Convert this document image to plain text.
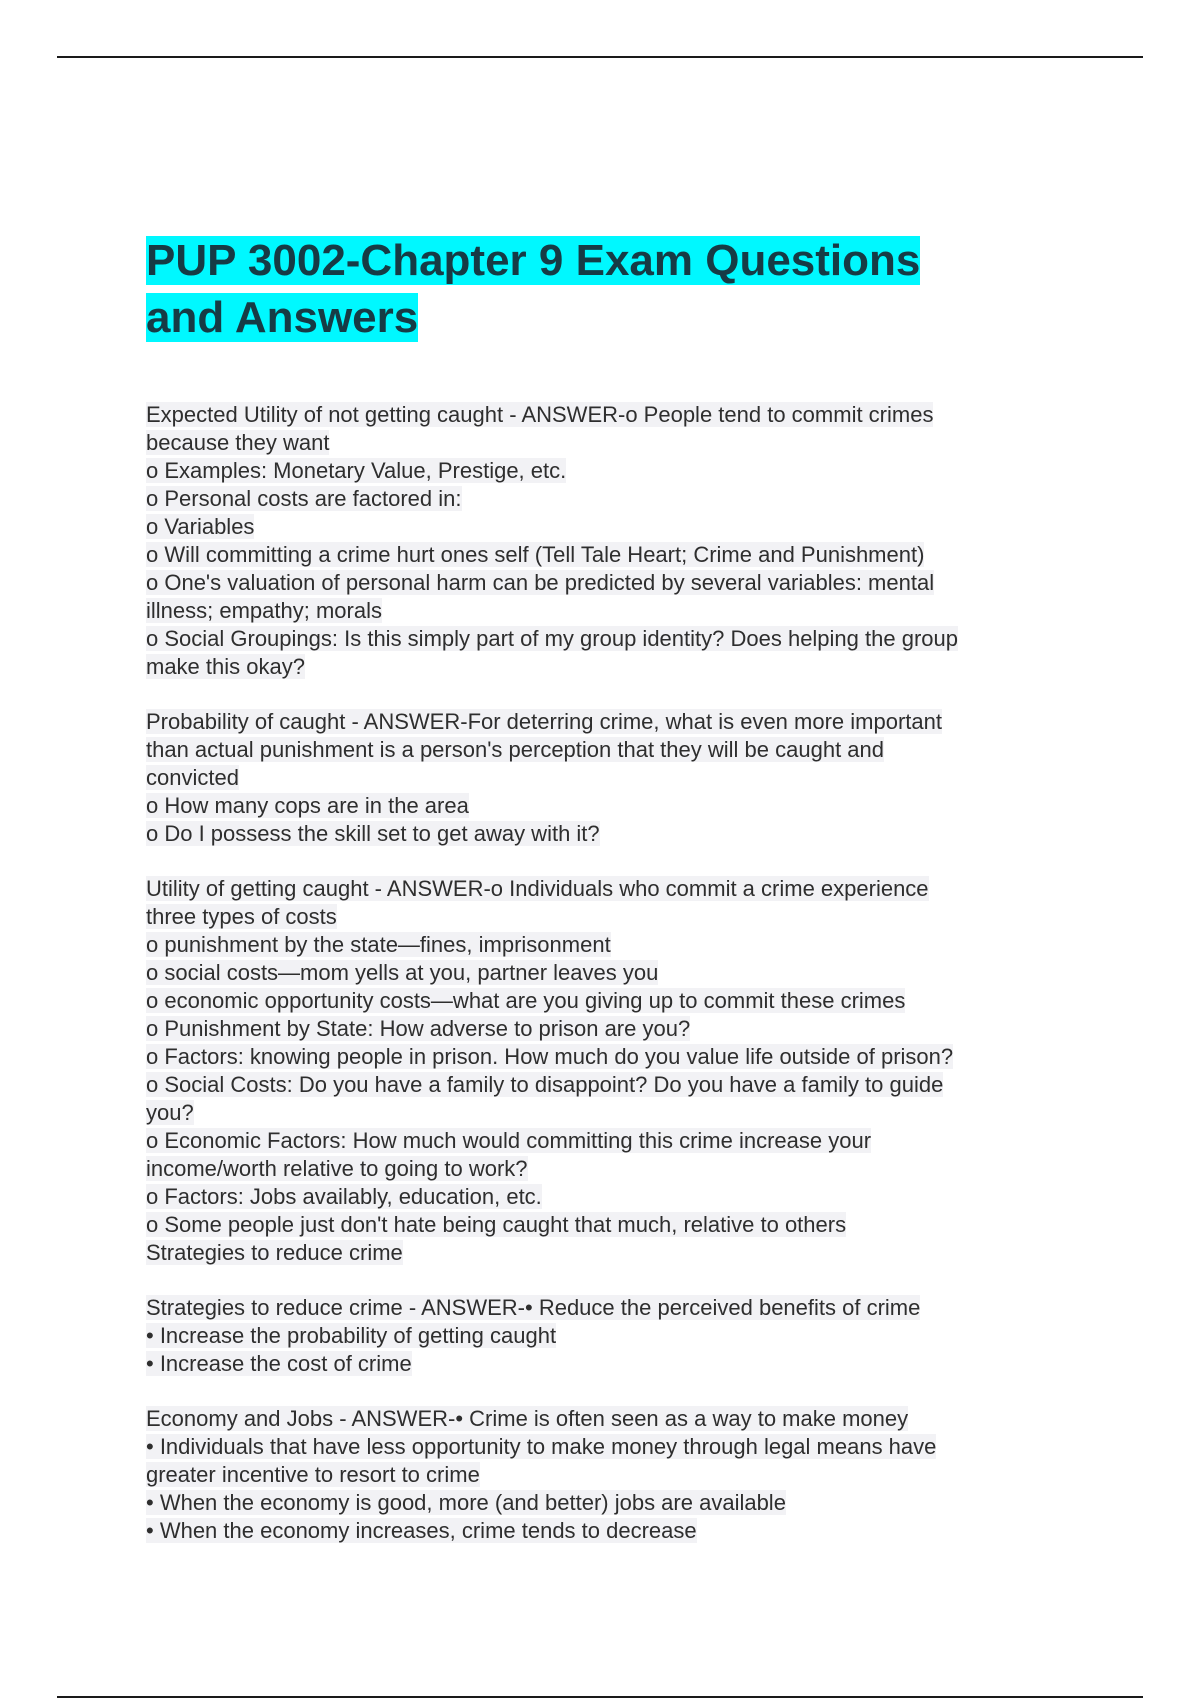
PUP 3002-Chapter 9 Exam Questions
and Answers

Expected Utility of not getting caught - ANSWER-o People tend to commit crimes

because they want

o Examples: Monetary Value, Prestige, etc.

o Personal costs are factored in:

o Variables

o Will committing a crime hurt ones self (Tell Tale Heart; Crime and Punishment)

o One's valuation of personal harm can be predicted by several variables: mental

illness; empathy; morals

o Social Groupings: Is this simply part of my group identity? Does helping the group

make this okay?

Probability of caught - ANSWER-For deterring crime, what is even more important

than actual punishment is a person's perception that they will be caught and

convicted

o How many cops are in the area

o Do I possess the skill set to get away with it?

Utility of getting caught - ANSWER-o Individuals who commit a crime experience

three types of costs

o punishment by the state—fines, imprisonment

o social costs—mom yells at you, partner leaves you

o economic opportunity costs—what are you giving up to commit these crimes

o Punishment by State: How adverse to prison are you?

o Factors: knowing people in prison. How much do you value life outside of prison?

o Social Costs: Do you have a family to disappoint? Do you have a family to guide

you?

o Economic Factors: How much would committing this crime increase your

income/worth relative to going to work?

o Factors: Jobs availably, education, etc.

o Some people just don't hate being caught that much, relative to others

Strategies to reduce crime

Strategies to reduce crime - ANSWER-• Reduce the perceived benefits of crime

• Increase the probability of getting caught

• Increase the cost of crime

Economy and Jobs - ANSWER-• Crime is often seen as a way to make money

• Individuals that have less opportunity to make money through legal means have

greater incentive to resort to crime

• When the economy is good, more (and better) jobs are available

• When the economy increases, crime tends to decrease
